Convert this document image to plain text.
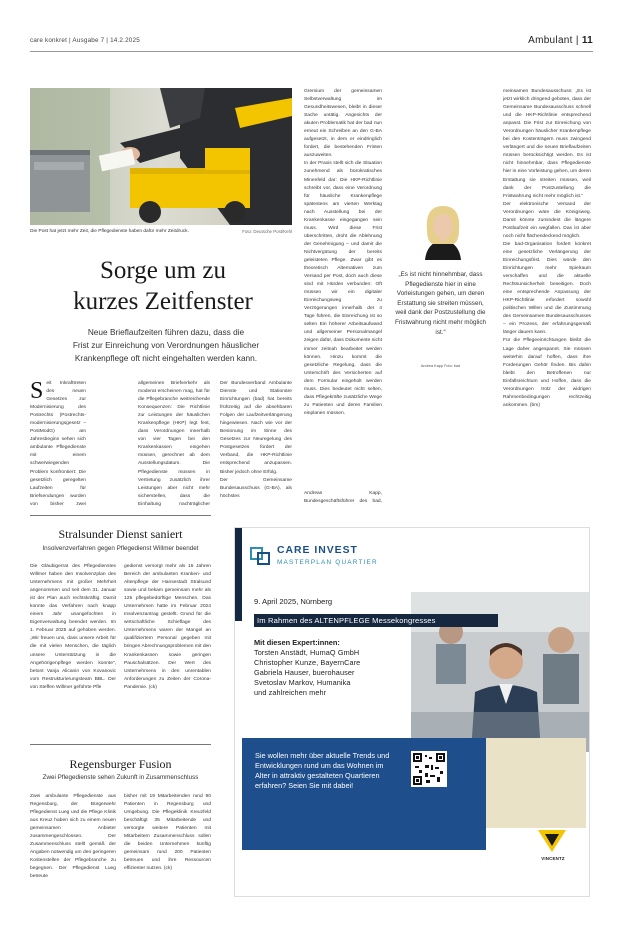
care konkret | Ausgabe 7 | 14.2.2025	Ambulant | 11
Die Post hat jetzt mehr Zeit, die Pflegedienste haben dafür mehr Zeitdruck.	Foto: Deutsche Post/Kehl
Sorge um zu
kurzes Zeitfenster
Neue Brieflaufzeiten führen dazu, dass die
Frist zur Einreichung von Verordnungen häuslicher
Krankenpflege oft nicht eingehalten werden kann.
Seit Inkrafttreten des neuen Gesetzes zur Modernisierung des Postrechts (Postrechts-modernisierungsgesetz – PostModG) am Jahresbeginn sehen sich ambulante Pflegedienste mit einem schwerwiegenden Problem konfrontiert: Die gesetzlich geregelten Laufzeiten für Briefsendungen wurden von bisher zwei
allgemeinen Briefverkehr als moderat erscheinen mag, hat für die Pflegebranche weitreichende Konsequenzen: Die Richtlinie zur Leistungen der häuslichen Krankenpflege (HKP) legt fest, dass Verordnungen innerhalb von vier Tagen bei den Krankenkassen eingehen müssen, gerechnet ab dem Ausstellungsdatum. Die Pflegedienste müssen in Vertretung zusätzlich ihrer Leistungen aber nicht mehr sicherstellen, dass die Einhaltung nachträglicher
Der Bundesverband Ambulante Dienste und Stationäre Einrichtungen (bad) hat bereits frühzeitig auf die absehbaren Folgen der Laufzeitverlängerung hingewiesen. Nach wie vor der Besinnung im Sinne des Gesetzes zur Neuregelung des Postgesetzes fordert der Verband, die HKP-Richtlinie entsprechend anzupassen. Bisher jedoch ohne Erfolg.
Der Gemeinsame Bundesausschuss (G-BA), als höchstes
Gremium der gemeinsamen Selbstverwaltung im Gesundheitswesen, bleibt in dieser Sache untätig. Angesichts der akuten Problematik hat der bad nun erneut ein Schreiben an den G-BA aufgesetzt, in dem er eindringlich fordert, die bestehenden Fristen auszuweiten.
In der Praxis stellt sich die Situation zunehmend als bürokratisches Minenfeld dar: Die HKP-Richtlinie schreibt vor, dass eine Verordnung für häusliche Krankenpflege spätestens am vierten Werktag nach Ausstellung bei der Krankenkasse eingegangen sein muss. Wird diese Frist überschritten, droht die Ablehnung der Genehmigung – und damit die Nichtvergütung der bereits geleisteten Pflege. Zwar gibt es theoretisch Alternativen zum Versand per Post, doch auch diese sind mit Hürden verbunden: Oft müssen wir ein digitaler Einreichungsweg zu Verzögerungen innerhalb der 4 Tage führen, die Einreichung ist so selten Ein höherer Arbeitsaufwand und allgemeiner Personalmangel zeigen dafür, dass Dokumente nicht immer zeitnah bearbeitet werden können. Hinzu kommt die gesetzliche Regelung, dass die Unterschrift des Versicherten auf dem Formular eingeholt werden muss. Dies bedeutet nicht selten, dass Pflegekräfte zusätzliche Wege zu Patienten und deren Familien einplanen müssen.
Andreas Kapp, Bundesgeschäftsführer des bad,
meinsamen Bundesausschuss: „Es ist jetzt wirklich dringend geboten, dass der Gemeinsame Bundesausschuss schnell und die HKP-Richtlinie entsprechend anpasst. Die Frist zur Einreichung von Verordnungen häuslicher Krankenpflege bei den Kostenträgern muss zwingend verlängert und die neuen Brieflaufzeiten müssen berücksichtigt werden. Es ist nicht hinnehmbar, dass Pflegedienste hier in eine Vorleistung gehen, um deren Erstattung sie streiten müssen, weil dank der Postzustellung die Fristwahrung nicht mehr möglich ist.“
Der elektronische Versand der Verordnungen wäre die Königsweg. Damit könnte zumindest die längere Postlaufzeit ein wegfallen. Das ist aber noch nicht flächendeckend möglich.
Die bad-Organisation fordert konkret eine gesetzliche Verlängerung der Einreichungsfrist. Dies würde den Einrichtungen mehr Spielraum verschaffen und die aktuelle Rechtsunsicherheit beseitigen. Doch eine entsprechende Anpassung der HKP-Richtlinie erfordert sowohl politischen Willen und die Zustimmung des Gemeinsamen Bundesausschusses – ein Prozess, der erfahrungsgemäß länger dauern kann.
Für die Pflegeeinrichtungen bleibt die Lage daher angespannt. Sie müssen weiterhin darauf hoffen, dass ihre Forderungen Gehör finden. Bis dahin bleibt den Betroffenen nur Einfallsreichtum und Hoffen, dass die Verordnungen trotz der widrigen Rahmenbedingungen rechtzeitig ankommen. (bm)
„Es ist nicht hinnehmbar, dass Pflegedienste hier in eine Vorleistungen gehen, um deren Erstattung sie streiten müssen, weil dank der Postzustellung die Fristwahrung nicht mehr möglich ist.“
Andrea Kapp Foto: bad
Stralsunder Dienst saniert
Insolvenzverfahren gegen Pflegedienst Willmer beendet
Die Gläubigerrat des Pflegedienstes Willmer haben den Insolvenzplan des Unternehmens mit großer Mehrheit angenommen und seit dem 31. Januar ist der Plan auch rechtskräftig. Damit konnte das Verfahren nach knapp einem Jahr unangefochten in Eigenverwaltung beendet werden. Im 1. Februar 2025 auf gehoben werden. „Wir freuen uns, dass unsere Arbeit für die mit vielen Menschen, die täglich unsere Unterstützung in die Angehörigenpflege werden konnte“, betont Vanja Alicanin von Kovanovic vom Restrukturierungsteam BBL. Der von Steffen Willmer geführte Pfle
gedienst versorgt mehr als 15 Jahren Bereich der ambulanten Kranken- und Altenpflege der Hansestadt Stralsund sowie und bekam gemeinsam mehr als 125 pflegebedürftige Menschen. Das Unternehmen hatte im Februar 2024 Insolvenzantrag gestellt. Grund für die wirtschaftliche Schieflage des Unternehmens waren der Mangel an qualifiziertem Personal gegeben mit bringen Abrechnungsproblemen mit den Krankenkassen sowie geringen Pauschalsätzen. Der Wert des Unternehmens in den unrentablen Anforderungen zu Zeiten der Corona-Pandemie. (ck)
Regensburger Fusion
Zwei Pflegedienste sehen Zukunft in Zusammenschluss
Zwei ambulante Pflegedienste aus Regensburg, der Bürgerwehr Pflegedienst Lueg und die Pflege Klinik aus Kreuz haben sich zu einem neuen gemeinsamen Anbieter zusammengeschlossen. Der Zusammenschluss stellt gemäß der Angaben notwendig um den geringeren Kostenstellen der Pflegebranche zu begegnen. Der Pflegedienst Lueg betreute
bisher mit 19 Mitarbeitenden rund 90 Patienten in Regensburg und Umgebung. Die Pflegeklinik Kreuzfeld beschäftigt 35 Mitarbeitende und versorgte weitere Patienten mit Mitarbeitern Zusammenschluss sollen die beiden Unternehmen künftig gemeinsam rund 200 Patienten betreuen und ihre Ressourcen effizienter nutzen. (ck)
CARE INVEST
MASTERPLAN QUARTIER
9. April 2025, Nürnberg
Im Rahmen des ALTENPFLEGE Messekongresses
Mit diesen Expert:innen:
Torsten Anstädt, HumaQ GmbH
Christopher Kunze, BayernCare
Gabriela Hauser, buerohauser
Svetoslav Markov, Humanika
und zahlreichen mehr
Sie wollen mehr über aktuelle Trends und Entwicklungen rund um das Wohnen im Alter in attraktiv gestalteten Quartieren erfahren? Seien Sie mit dabei!
VINCENTZ
